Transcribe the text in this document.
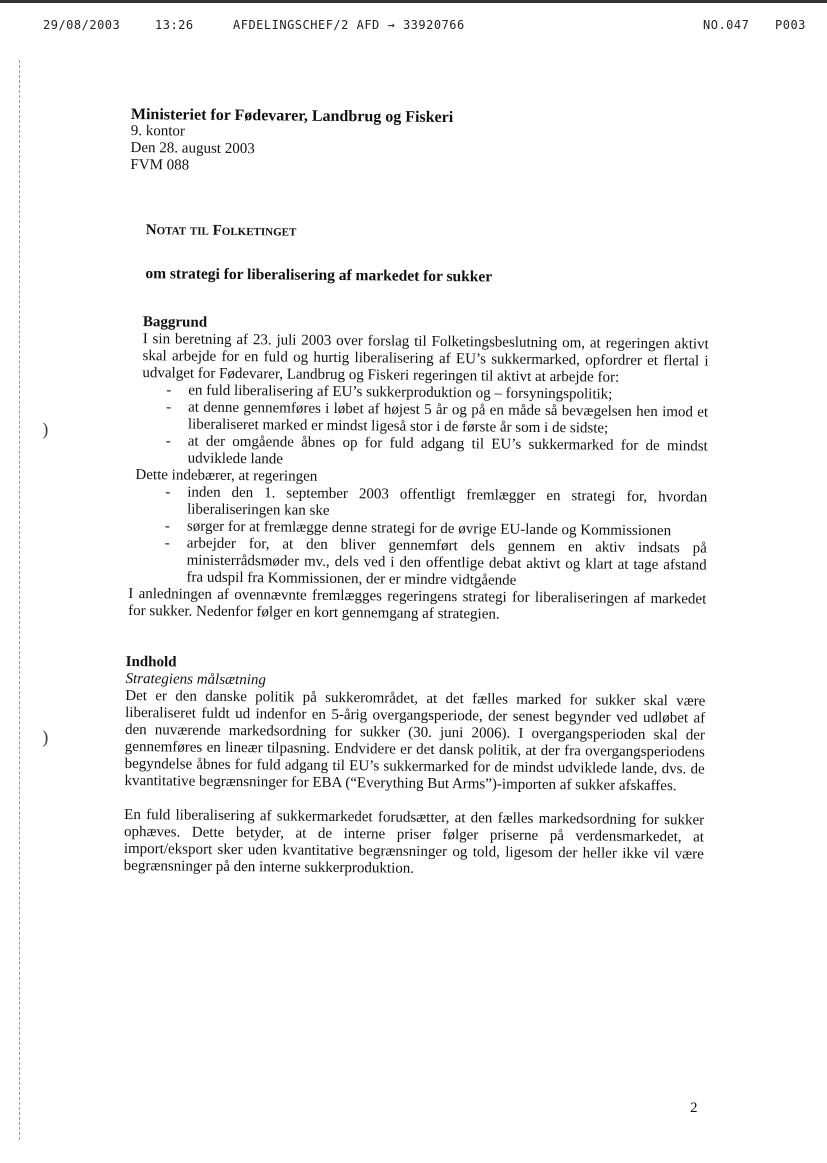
29/08/2003	13:26	AFDELINGSCHEF/2 AFD → 33920766	NO.047 P003
)
)
Ministeriet for Fødevarer, Landbrug og Fiskeri
9. kontor
Den 28. august 2003
FVM 088
Notat til Folketinget
om strategi for liberalisering af markedet for sukker
Baggrund

I sin beretning af 23. juli 2003 over forslag til Folketingsbeslutning om, at regeringen aktivt skal arbejde for en fuld og hurtig liberalisering af EU’s sukkermarked, opfordrer et flertal i udvalget for Fødevarer, Landbrug og Fiskeri regeringen til aktivt at arbejde for:

- en fuld liberalisering af EU’s sukkerproduktion og – forsyningspolitik;
- at denne gennemføres i løbet af højest 5 år og på en måde så bevægelsen hen imod et liberaliseret marked er mindst ligeså stor i de første år som i de sidste;
- at der omgående åbnes op for fuld adgang til EU’s sukkermarked for de mindst udviklede lande

Dette indebærer, at regeringen

- inden den 1. september 2003 offentligt fremlægger en strategi for, hvordan liberaliseringen kan ske
- sørger for at fremlægge denne strategi for de øvrige EU-lande og Kommissionen
- arbejder for, at den bliver gennemført dels gennem en aktiv indsats på ministerrådsmøder mv., dels ved i den offentlige debat aktivt og klart at tage afstand fra udspil fra Kommissionen, der er mindre vidtgående

I anledningen af ovennævnte fremlægges regeringens strategi for liberaliseringen af markedet for sukker. Nedenfor følger en kort gennemgang af strategien.

Indhold
Strategiens målsætning

Det er den danske politik på sukkerområdet, at det fælles marked for sukker skal være liberaliseret fuldt ud indenfor en 5-årig overgangsperiode, der senest begynder ved udløbet af den nuværende markedsordning for sukker (30. juni 2006). I overgangsperioden skal der gennemføres en lineær tilpasning. Endvidere er det dansk politik, at der fra overgangsperiodens begyndelse åbnes for fuld adgang til EU’s sukkermarked for de mindst udviklede lande, dvs. de kvantitative begrænsninger for EBA (“Everything But Arms”)-importen af sukker afskaffes.

En fuld liberalisering af sukkermarkedet forudsætter, at den fælles markedsordning for sukker ophæves. Dette betyder, at de interne priser følger priserne på verdensmarkedet, at import/eksport sker uden kvantitative begrænsninger og told, ligesom der heller ikke vil være begrænsninger på den interne sukkerproduktion.

2
